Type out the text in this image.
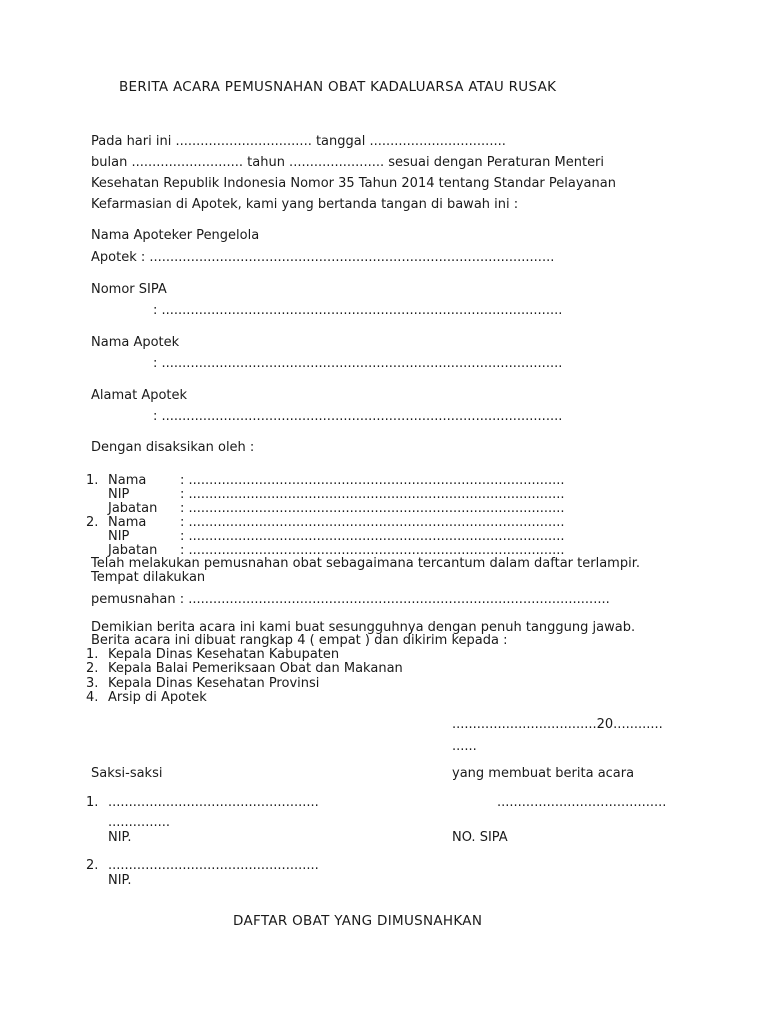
BERITA ACARA PEMUSNAHAN OBAT KADALUARSA ATAU RUSAK
Pada hari ini ................................. tanggal .................................
bulan ........................... tahun ....................... sesuai dengan Peraturan Menteri
Kesehatan Republik Indonesia Nomor 35 Tahun 2014 tentang Standar Pelayanan
Kefarmasian di Apotek, kami yang bertanda tangan di bawah ini :
Nama Apoteker Pengelola
Apotek : ..................................................................................................
Nomor SIPA
: .................................................................................................
Nama Apotek
: .................................................................................................
Alamat Apotek
: .................................................................................................
Dengan disaksikan oleh :
1. Nama	: ...........................................................................................
NIP	: ...........................................................................................
Jabatan : ...........................................................................................
2. Nama	: ...........................................................................................
NIP	: ...........................................................................................
Jabatan : ...........................................................................................
Telah melakukan pemusnahan obat sebagaimana tercantum dalam daftar terlampir.
Tempat dilakukan
pemusnahan : ......................................................................................................
Demikian berita acara ini kami buat sesungguhnya dengan penuh tanggung jawab.
Berita acara ini dibuat rangkap 4 ( empat ) dan dikirim kepada :
1. Kepala Dinas Kesehatan Kabupaten
2. Kepala Balai Pemeriksaan Obat dan Makanan
3. Kepala Dinas Kesehatan Provinsi
4. Arsip di Apotek
...................................20............
......
Saksi-saksi	yang membuat berita acara
1. ...................................................	.........................................
...............
NIP.	NO. SIPA
2. ...................................................
NIP.
DAFTAR OBAT YANG DIMUSNAHKAN
